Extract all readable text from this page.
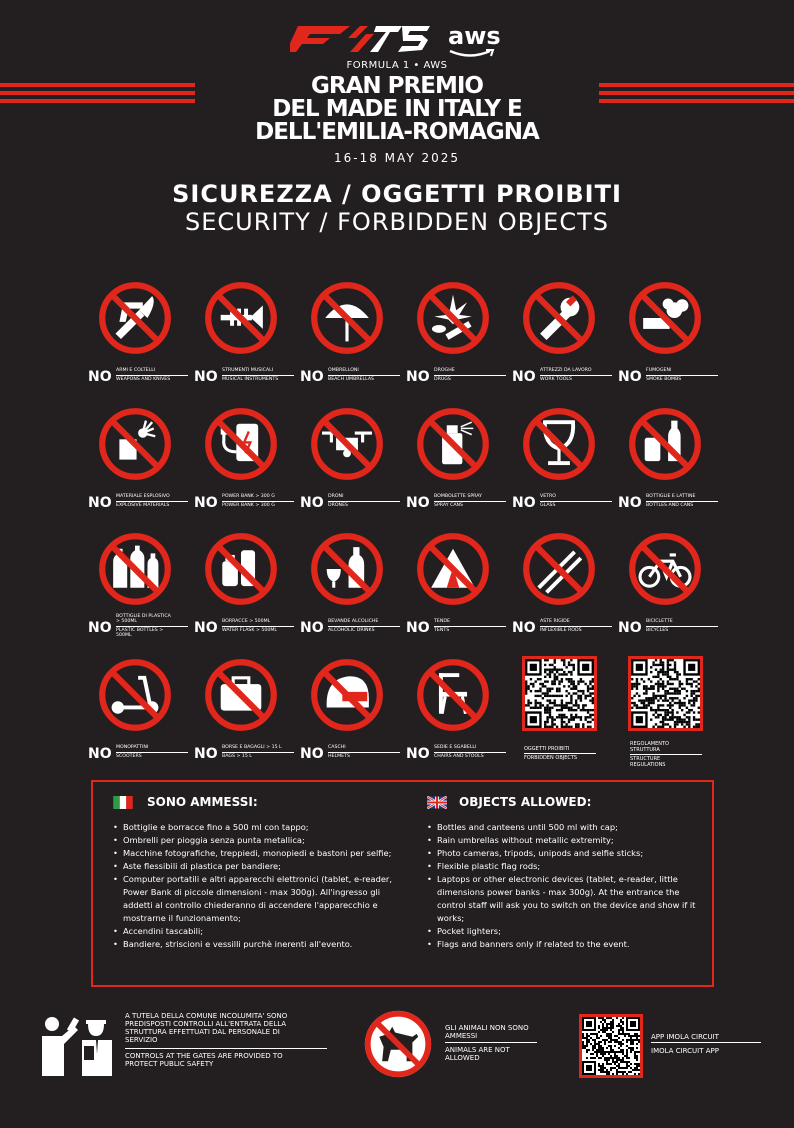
aws
FORMULA 1 • AWS
GRAN PREMIO
DEL MADE IN ITALY E
DELL'EMILIA-ROMAGNA
16-18 MAY 2025
SICUREZZA / OGGETTI PROIBITI
SECURITY / FORBIDDEN OBJECTS
NO ARMI E COLTELLI
WEAPONS AND KNIVES	NO STRUMENTI MUSICALI
MUSICAL INSTRUMENTS	NO OMBRELLONI
BEACH UMBRELLAS	NO DROGHE
DRUGS	NO ATTREZZI DA LAVORO
WORK TOOLS	NO FUMOGENI
SMOKE BOMBS
NO MATERIALE ESPLOSIVO
EXPLOSIVE MATERIALS	NO POWER BANK > 300 G
POWER BANK > 300 G	NO DRONI
DRONES	NO BOMBOLETTE SPRAY
SPRAY CANS	NO VETRO
GLASS	NO BOTTIGLIE E LATTINE
BOTTLES AND CANS
NO
BOTTIGLIE DI PLASTICA > 500ML
PLASTIC BOTTLES > 500ML	NO BORRACCE > 500ML
WATER FLASK > 500ML	NO BEVANDE ALCOLICHE
ALCOHOLIC DRINKS	NO TENDE
TENTS	NO ASTE RIGIDE
INFLEXIBLE RODS	NO BICICLETTE
BICYCLES
NO MONOPATTINI
SCOOTERS	NO BORSE E BAGAGLI > 15 L
BAGS > 15 L	NO CASCHI
HELMETS	NO SEDIE E SGABELLI
CHAIRS AND STOOLS
OGGETTI PROIBITI
FORBIDDEN OBJECTS
REGOLAMENTO STRUTTURA
STRUCTURE REGULATIONS
SONO AMMESSI:
• Bottiglie e borracce fino a 500 ml con tappo;
• Ombrelli per pioggia senza punta metallica;
• Macchine fotografiche, treppiedi, monopiedi e bastoni per selfie;
• Aste flessibili di plastica per bandiere;
• Computer portatili e altri apparecchi elettronici (tablet, e-reader, Power Bank di piccole dimensioni - max 300g). All'ingresso gli addetti al controllo chiederanno di accendere l'apparecchio e mostrarne il funzionamento;
• Accendini tascabili;
• Bandiere, striscioni e vessilli purchè inerenti all'evento.
OBJECTS ALLOWED:
• Bottles and canteens until 500 ml with cap;
• Rain umbrellas without metallic extremity;
• Photo cameras, tripods, unipods and selfie sticks;
• Flexible plastic flag rods;
• Laptops or other electronic devices (tablet, e-reader, little dimensions power banks - max 300g). At the entrance the control staff will ask you to switch on the device and show if it works;
• Pocket lighters;
• Flags and banners only if related to the event.
A TUTELA DELLA COMUNE INCOLUMITA' SONO PREDISPOSTI CONTROLLI ALL'ENTRATA DELLA STRUTTURA EFFETTUATI DAL PERSONALE DI SERVIZIO
CONTROLS AT THE GATES ARE PROVIDED TO PROTECT PUBLIC SAFETY
GLI ANIMALI NON SONO AMMESSI
ANIMALS ARE NOT ALLOWED
APP IMOLA CIRCUIT
IMOLA CIRCUIT APP
